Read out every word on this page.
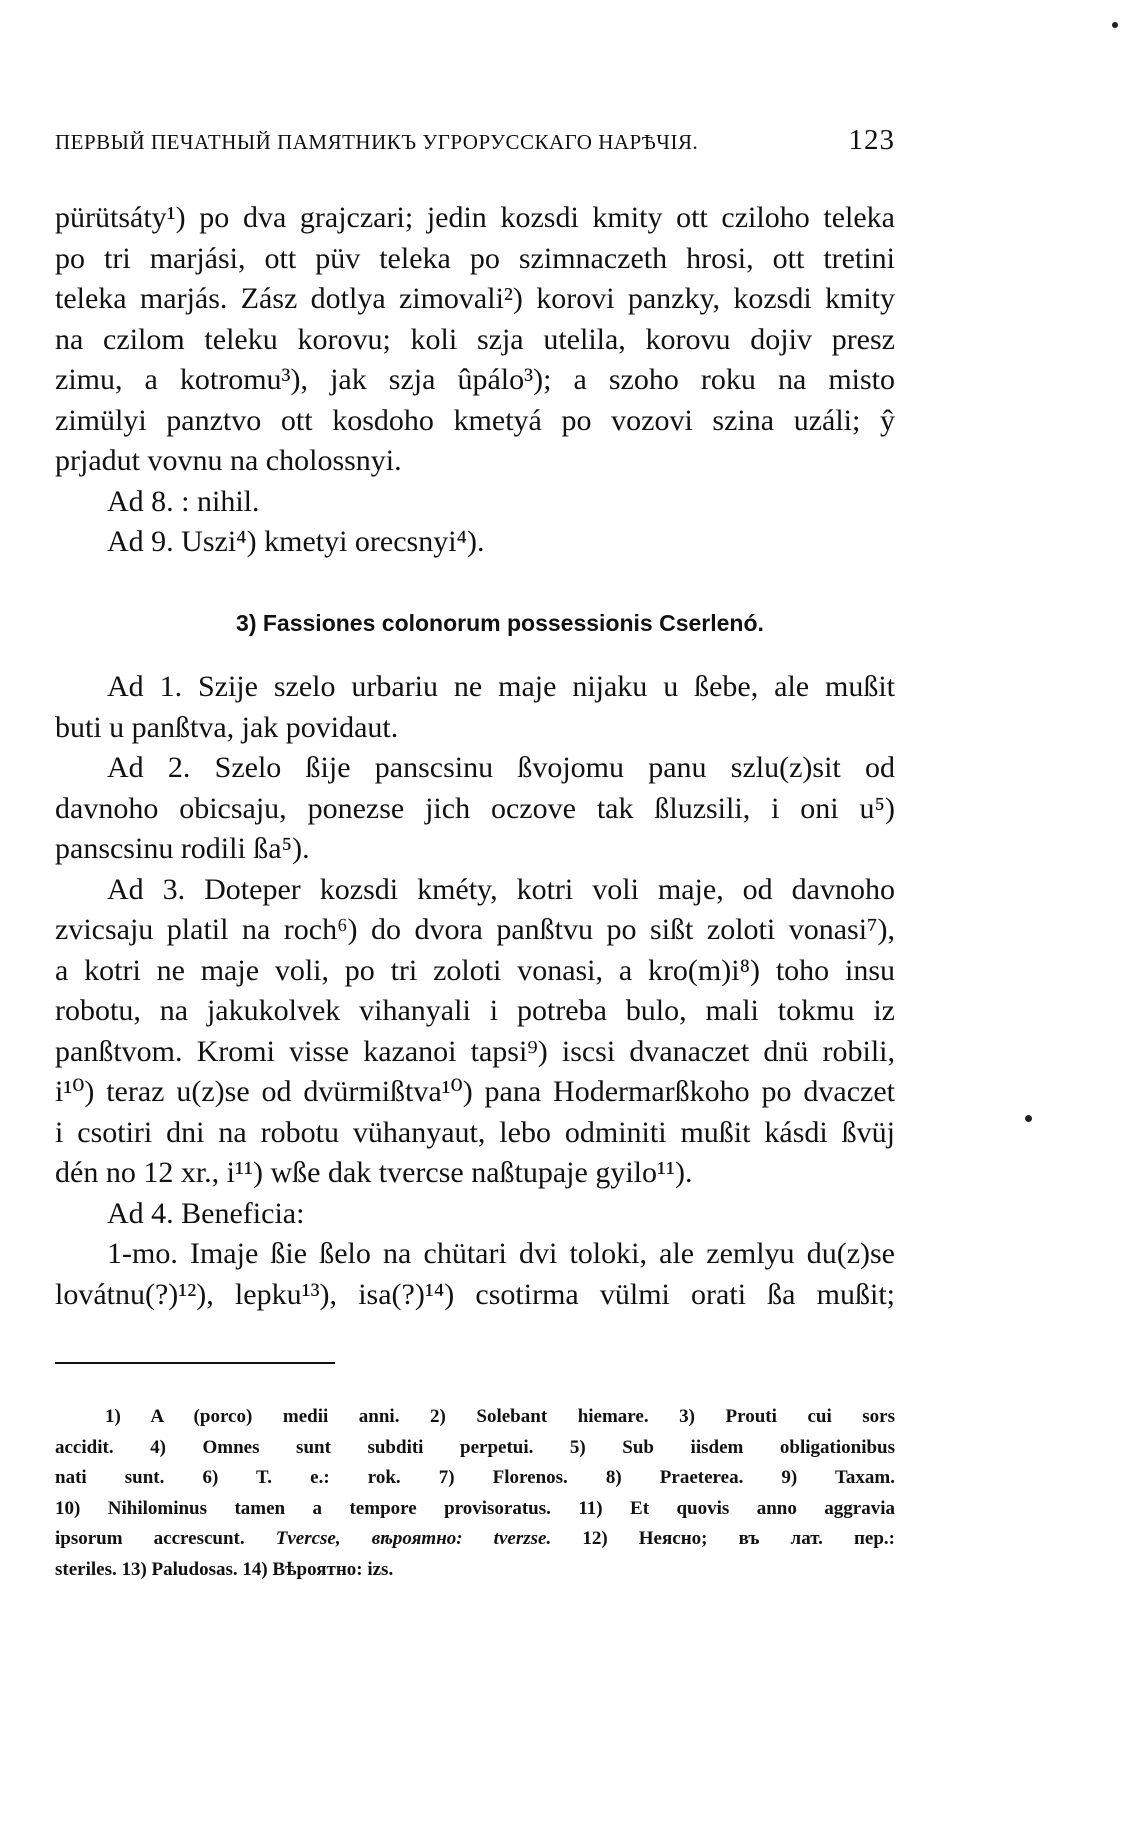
ПЕРВЫЙ ПЕЧАТНЫЙ ПАМЯТНИКЪ УГРОРУССКАГО НАРѢЧІЯ.	123
pürütsáty¹) po dva grajczari; jedin kozsdi kmity ott cziloho teleka
po tri marjási, ott püv teleka po szimnaczeth hrosi, ott tretini
teleka marjás. Zász dotlya zimovali²) korovi panzky, kozsdi kmity
na czilom teleku korovu; koli szja utelila, korovu dojiv presz
zimu, a kotromu³), jak szja ûpálo³); a szoho roku na misto
zimülyi panztvo ott kosdoho kmetyá po vozovi szina uzáli; ŷ
prjadut vovnu na cholossnyi.
Ad 8. : nihil.
Ad 9. Uszi⁴) kmetyi orecsnyi⁴).
3) Fassiones colonorum possessionis Cserlenó.
Ad 1. Szije szelo urbariu ne maje nijaku u ßebe, ale mußit
buti u panßtva, jak povidaut.
Ad 2. Szelo ßije panscsinu ßvojomu panu szlu(z)sit od
davnoho obicsaju, ponezse jich oczove tak ßluzsili, i oni u⁵)
panscsinu rodili ßa⁵).
Ad 3. Doteper kozsdi kméty, kotri voli maje, od davnoho
zvicsaju platil na roch⁶) do dvora panßtvu po sißt zoloti vonasi⁷),
a kotri ne maje voli, po tri zoloti vonasi, a kro(m)i⁸) toho insu
robotu, na jakukolvek vihanyali i potreba bulo, mali tokmu iz
panßtvom. Kromi visse kazanoi tapsi⁹) iscsi dvanaczet dnü robili,
i¹⁰) teraz u(z)se od dvürmißtva¹⁰) pana Hodermarßkoho po dvaczet
i csotiri dni na robotu vühanyaut, lebo odminiti mußit kásdi ßvüj
dén no 12 xr., i¹¹) wße dak tvercse naßtupaje gyilo¹¹).
Ad 4. Beneficia:
1-mo. Imaje ßie ßelo na chütari dvi toloki, ale zemlyu du(z)se
lovátnu(?)¹²), lepku¹³), isa(?)¹⁴) csotirma vülmi orati ßa mußit;
1) A (porco) medii anni. 2) Solebant hiemare. 3) Prouti cui sors
accidit. 4) Omnes sunt subditi perpetui. 5) Sub iisdem obligationibus
nati sunt. 6) T. e.: rok. 7) Florenos. 8) Praeterea. 9) Taxam.
10) Nihilominus tamen a tempore provisoratus. 11) Et quovis anno aggravia
ipsorum accrescunt. Tvercse, вѣроятно: tverzse. 12) Неясно; въ лат. пер.:
steriles. 13) Paludosas. 14) Вѣроятно: izs.
